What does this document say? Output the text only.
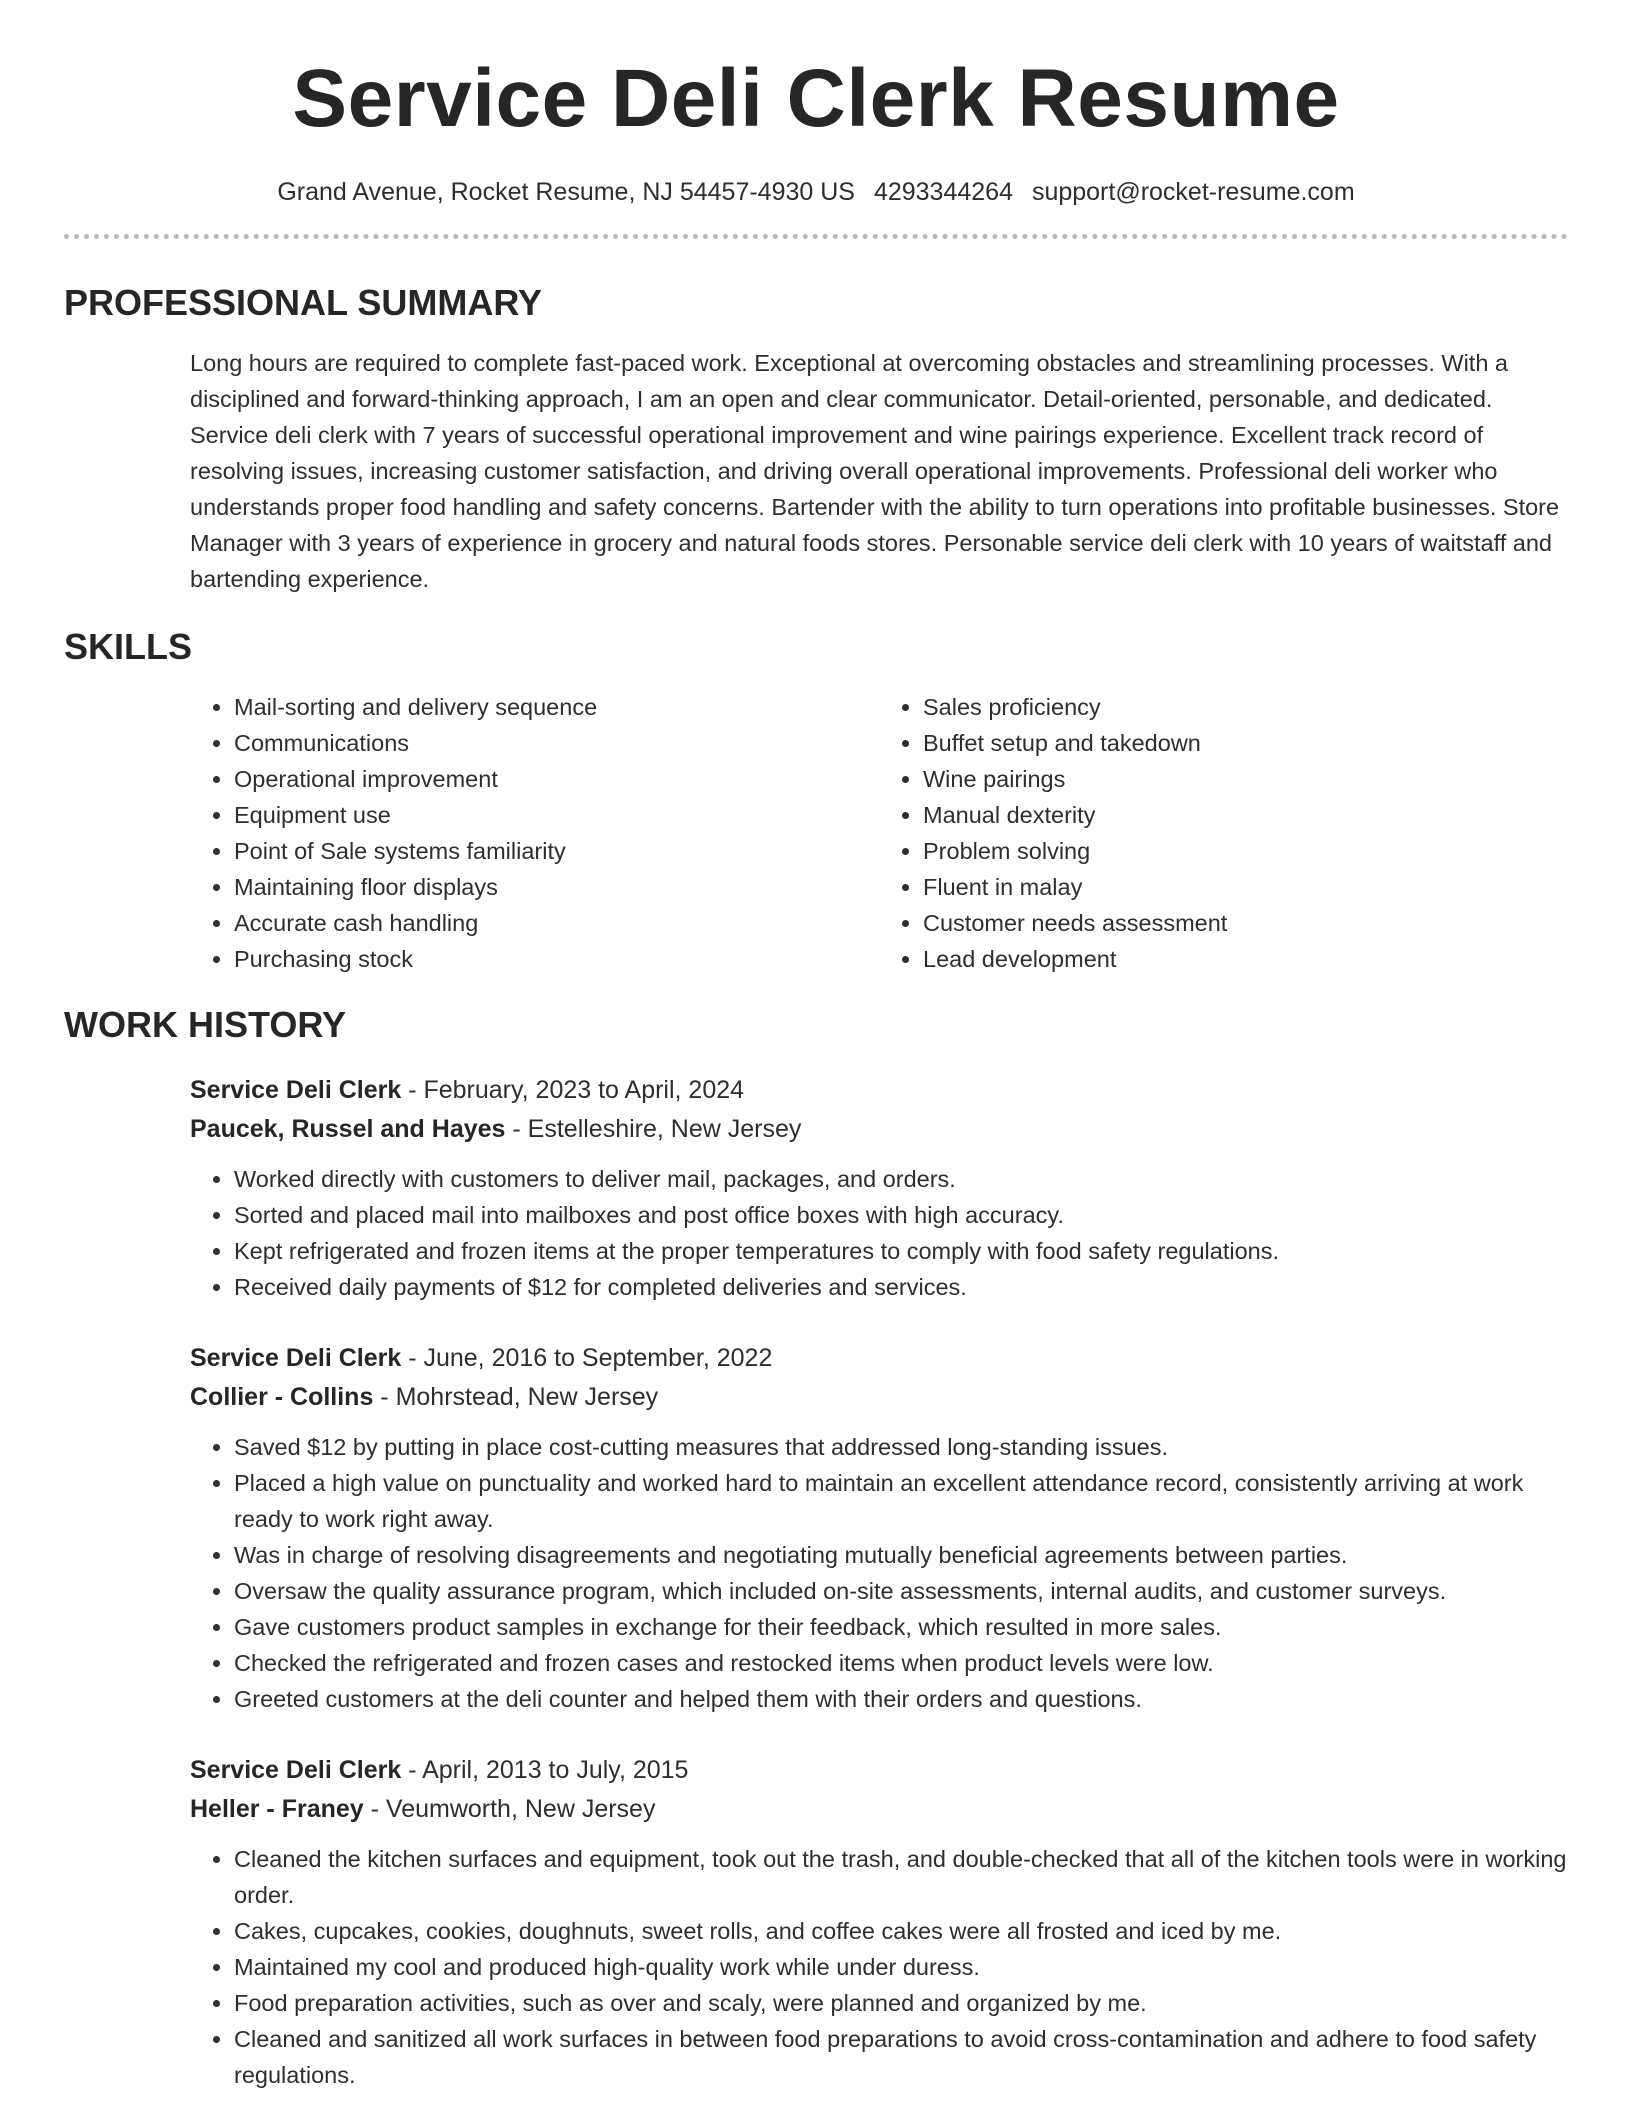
Service Deli Clerk Resume
Grand Avenue, Rocket Resume, NJ 54457-4930 US 4293344264 support@rocket-resume.com
PROFESSIONAL SUMMARY
Long hours are required to complete fast-paced work. Exceptional at overcoming obstacles and streamlining processes. With a disciplined and forward-thinking approach, I am an open and clear communicator. Detail-oriented, personable, and dedicated. Service deli clerk with 7 years of successful operational improvement and wine pairings experience. Excellent track record of resolving issues, increasing customer satisfaction, and driving overall operational improvements. Professional deli worker who understands proper food handling and safety concerns. Bartender with the ability to turn operations into profitable businesses. Store Manager with 3 years of experience in grocery and natural foods stores. Personable service deli clerk with 10 years of waitstaff and bartending experience.
SKILLS
• Mail-sorting and delivery sequence
• Communications
• Operational improvement
• Equipment use
• Point of Sale systems familiarity
• Maintaining floor displays
• Accurate cash handling
• Purchasing stock
• Sales proficiency
• Buffet setup and takedown
• Wine pairings
• Manual dexterity
• Problem solving
• Fluent in malay
• Customer needs assessment
• Lead development
WORK HISTORY
Service Deli Clerk - February, 2023 to April, 2024
Paucek, Russel and Hayes - Estelleshire, New Jersey
• Worked directly with customers to deliver mail, packages, and orders.
• Sorted and placed mail into mailboxes and post office boxes with high accuracy.
• Kept refrigerated and frozen items at the proper temperatures to comply with food safety regulations.
• Received daily payments of $12 for completed deliveries and services.
Service Deli Clerk - June, 2016 to September, 2022
Collier - Collins - Mohrstead, New Jersey
• Saved $12 by putting in place cost-cutting measures that addressed long-standing issues.
• Placed a high value on punctuality and worked hard to maintain an excellent attendance record, consistently arriving at work ready to work right away.
• Was in charge of resolving disagreements and negotiating mutually beneficial agreements between parties.
• Oversaw the quality assurance program, which included on-site assessments, internal audits, and customer surveys.
• Gave customers product samples in exchange for their feedback, which resulted in more sales.
• Checked the refrigerated and frozen cases and restocked items when product levels were low.
• Greeted customers at the deli counter and helped them with their orders and questions.
Service Deli Clerk - April, 2013 to July, 2015
Heller - Franey - Veumworth, New Jersey
• Cleaned the kitchen surfaces and equipment, took out the trash, and double-checked that all of the kitchen tools were in working order.
• Cakes, cupcakes, cookies, doughnuts, sweet rolls, and coffee cakes were all frosted and iced by me.
• Maintained my cool and produced high-quality work while under duress.
• Food preparation activities, such as over and scaly, were planned and organized by me.
• Cleaned and sanitized all work surfaces in between food preparations to avoid cross-contamination and adhere to food safety regulations.
